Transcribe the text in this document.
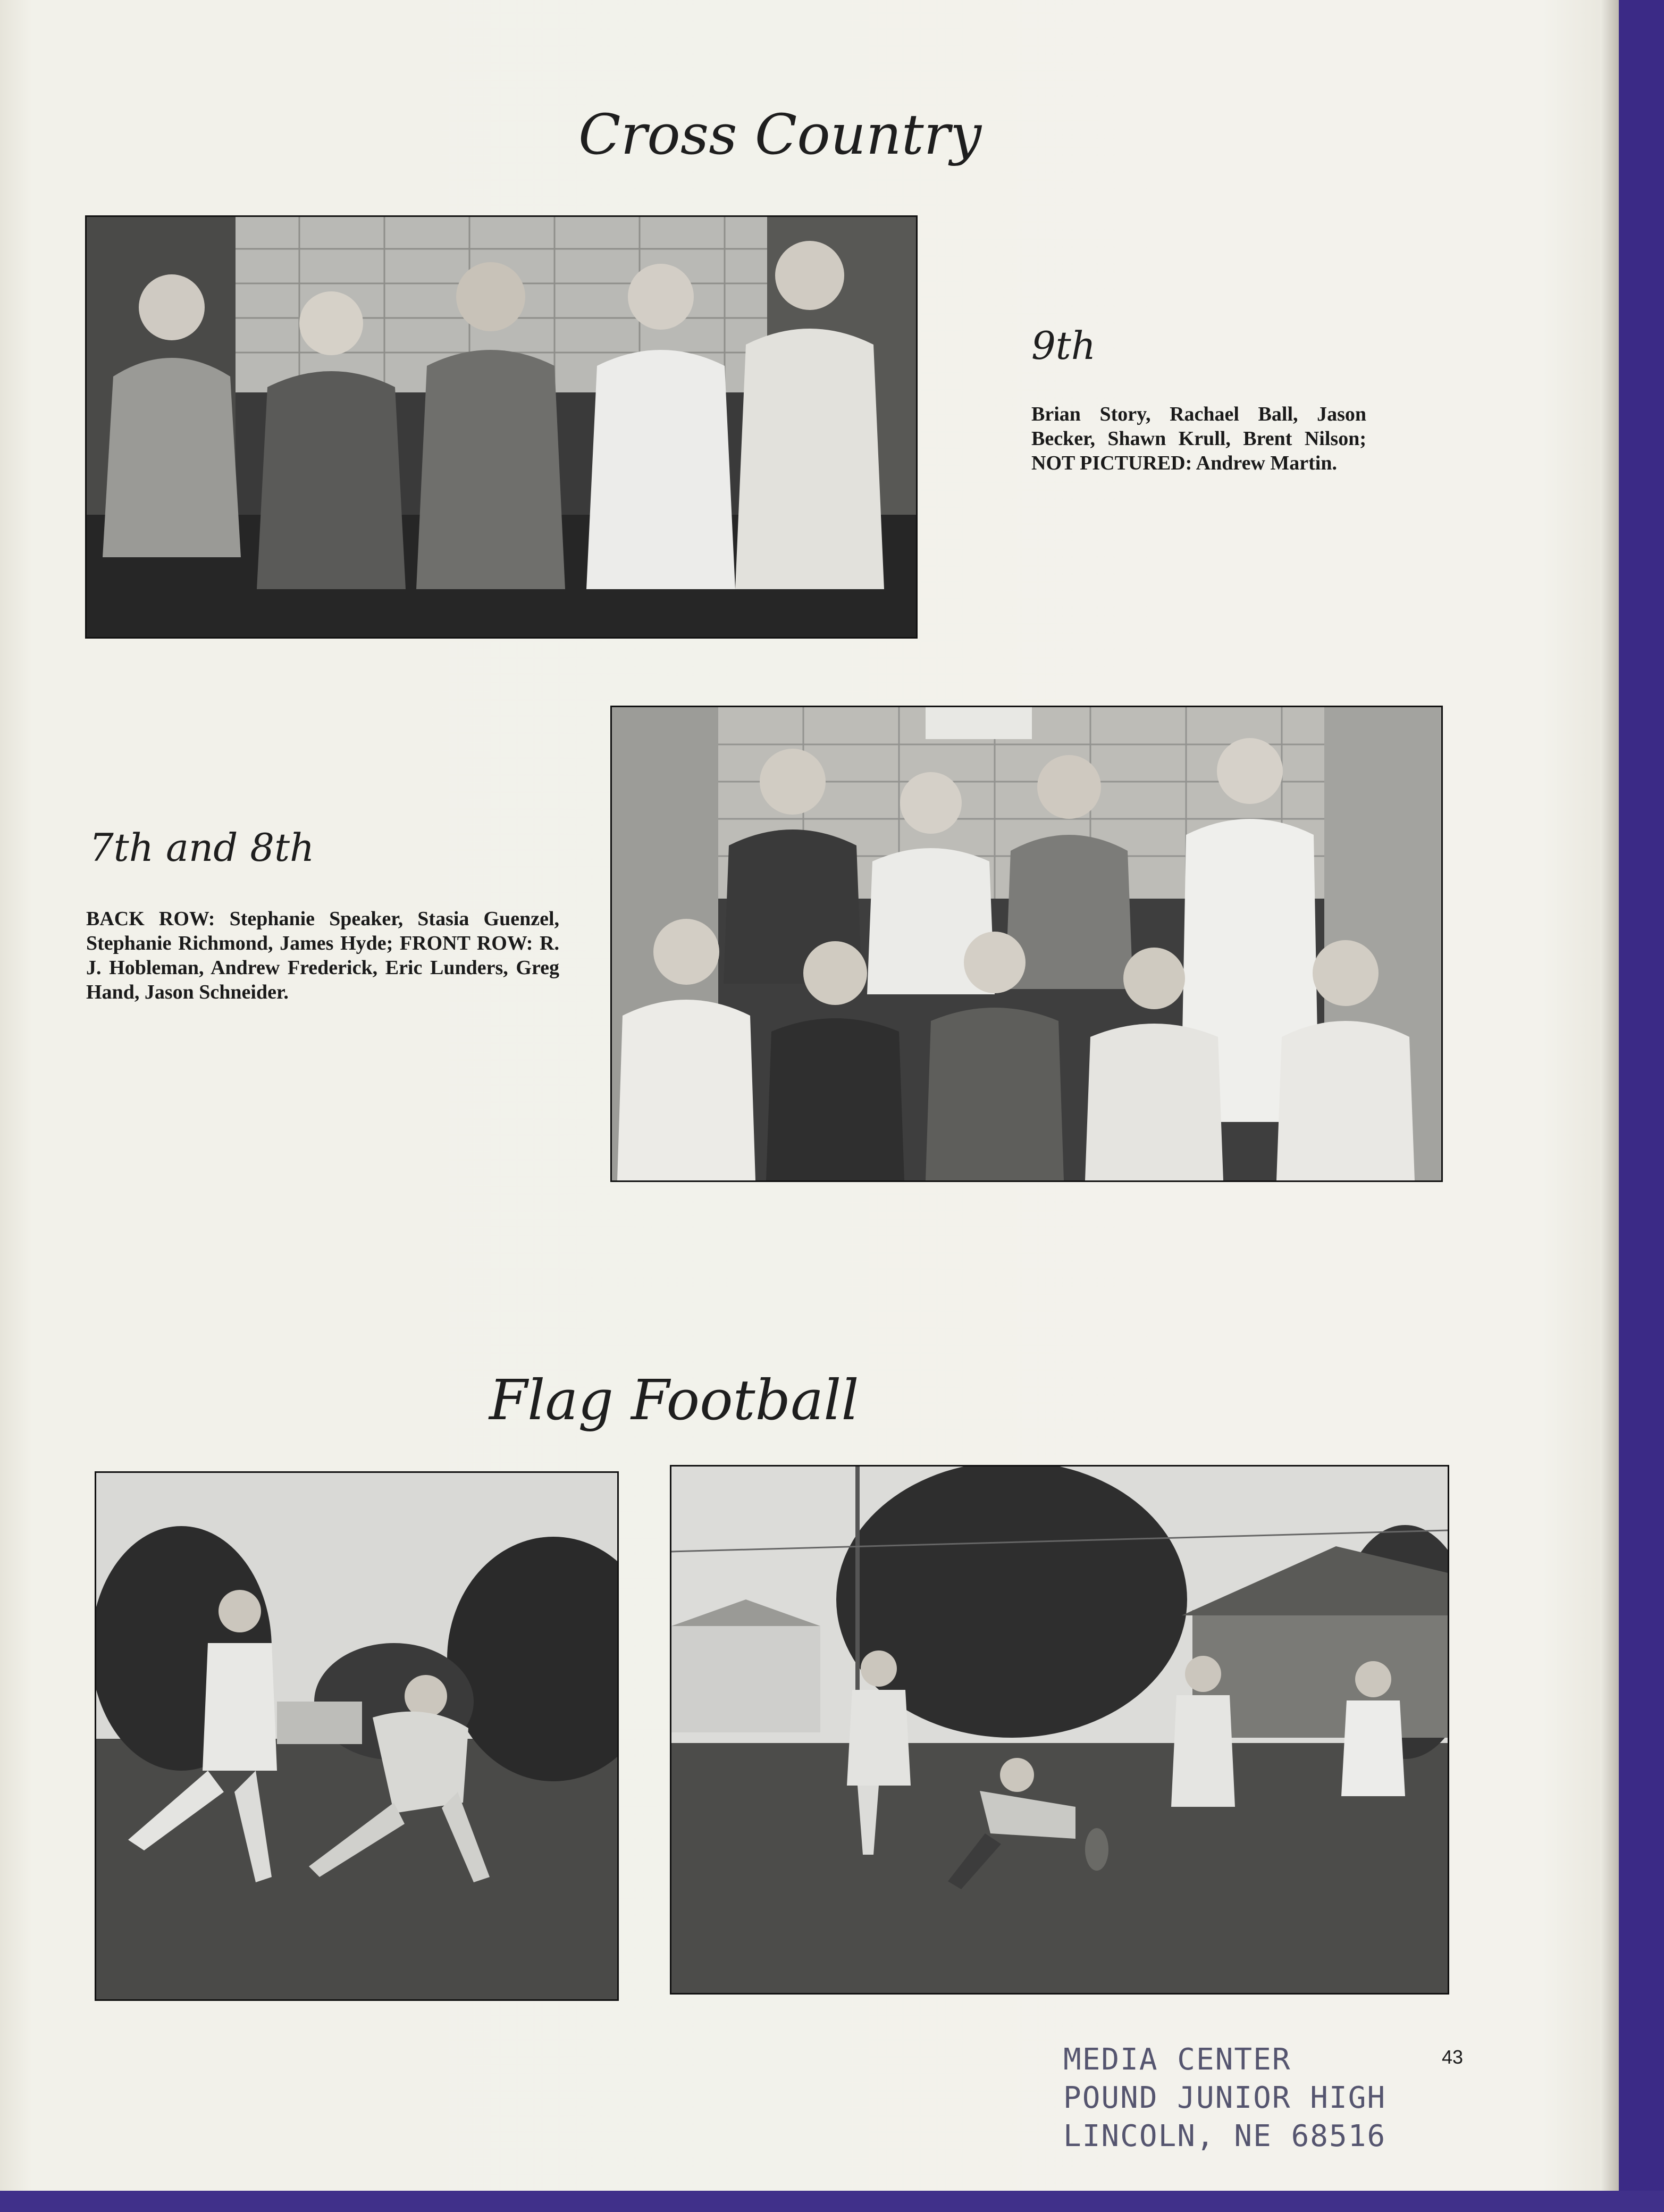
Cross Country
9th
Brian Story, Rachael Ball, Jason Becker, Shawn Krull, Brent Nilson; NOT PICTURED: Andrew Martin.
7th and 8th
BACK ROW: Stephanie Speaker, Stasia Guenzel, Stephanie Richmond, James Hyde; FRONT ROW: R. J. Hobleman, Andrew Frederick, Eric Lunders, Greg Hand, Jason Schneider.
Flag Football
MEDIA CENTER
POUND JUNIOR HIGH
LINCOLN, NE 68516
43
